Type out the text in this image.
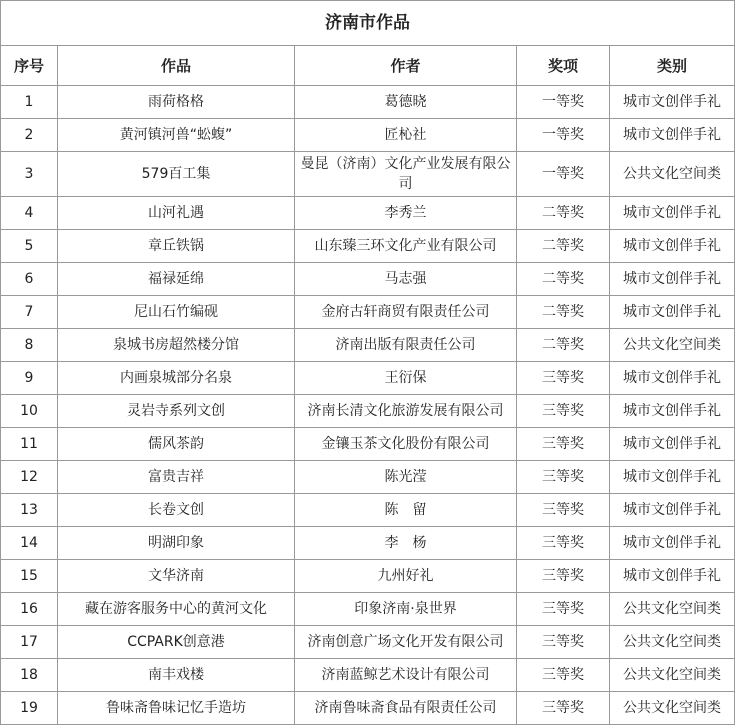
济南市作品				
序号	作品	作者	奖项	类别
1	雨荷格格	葛德晓	一等奖	城市文创伴手礼
2	黄河镇河兽“蚣蝮”	匠杺社	一等奖	城市文创伴手礼
3	579百工集	曼昆（济南）文化产业发展有限公司	一等奖	公共文化空间类
4	山河礼遇	李秀兰	二等奖	城市文创伴手礼
5	章丘铁锅	山东臻三环文化产业有限公司	二等奖	城市文创伴手礼
6	福禄延绵	马志强	二等奖	城市文创伴手礼
7	尼山石竹编砚	金府古轩商贸有限责任公司	二等奖	城市文创伴手礼
8	泉城书房超然楼分馆	济南出版有限责任公司	二等奖	公共文化空间类
9	内画泉城部分名泉	王衍保	三等奖	城市文创伴手礼
10	灵岩寺系列文创	济南长清文化旅游发展有限公司	三等奖	城市文创伴手礼
11	儒风茶韵	金镶玉茶文化股份有限公司	三等奖	城市文创伴手礼
12	富贵吉祥	陈光滢	三等奖	城市文创伴手礼
13	长卷文创	陈　留	三等奖	城市文创伴手礼
14	明湖印象	李　杨	三等奖	城市文创伴手礼
15	文华济南	九州好礼	三等奖	城市文创伴手礼
16	藏在游客服务中心的黄河文化	印象济南·泉世界	三等奖	公共文化空间类
17	CCPARK创意港	济南创意广场文化开发有限公司	三等奖	公共文化空间类
18	南丰戏楼	济南蓝鲸艺术设计有限公司	三等奖	公共文化空间类
19	鲁味斋鲁味记忆手造坊	济南鲁味斋食品有限责任公司	三等奖	公共文化空间类
